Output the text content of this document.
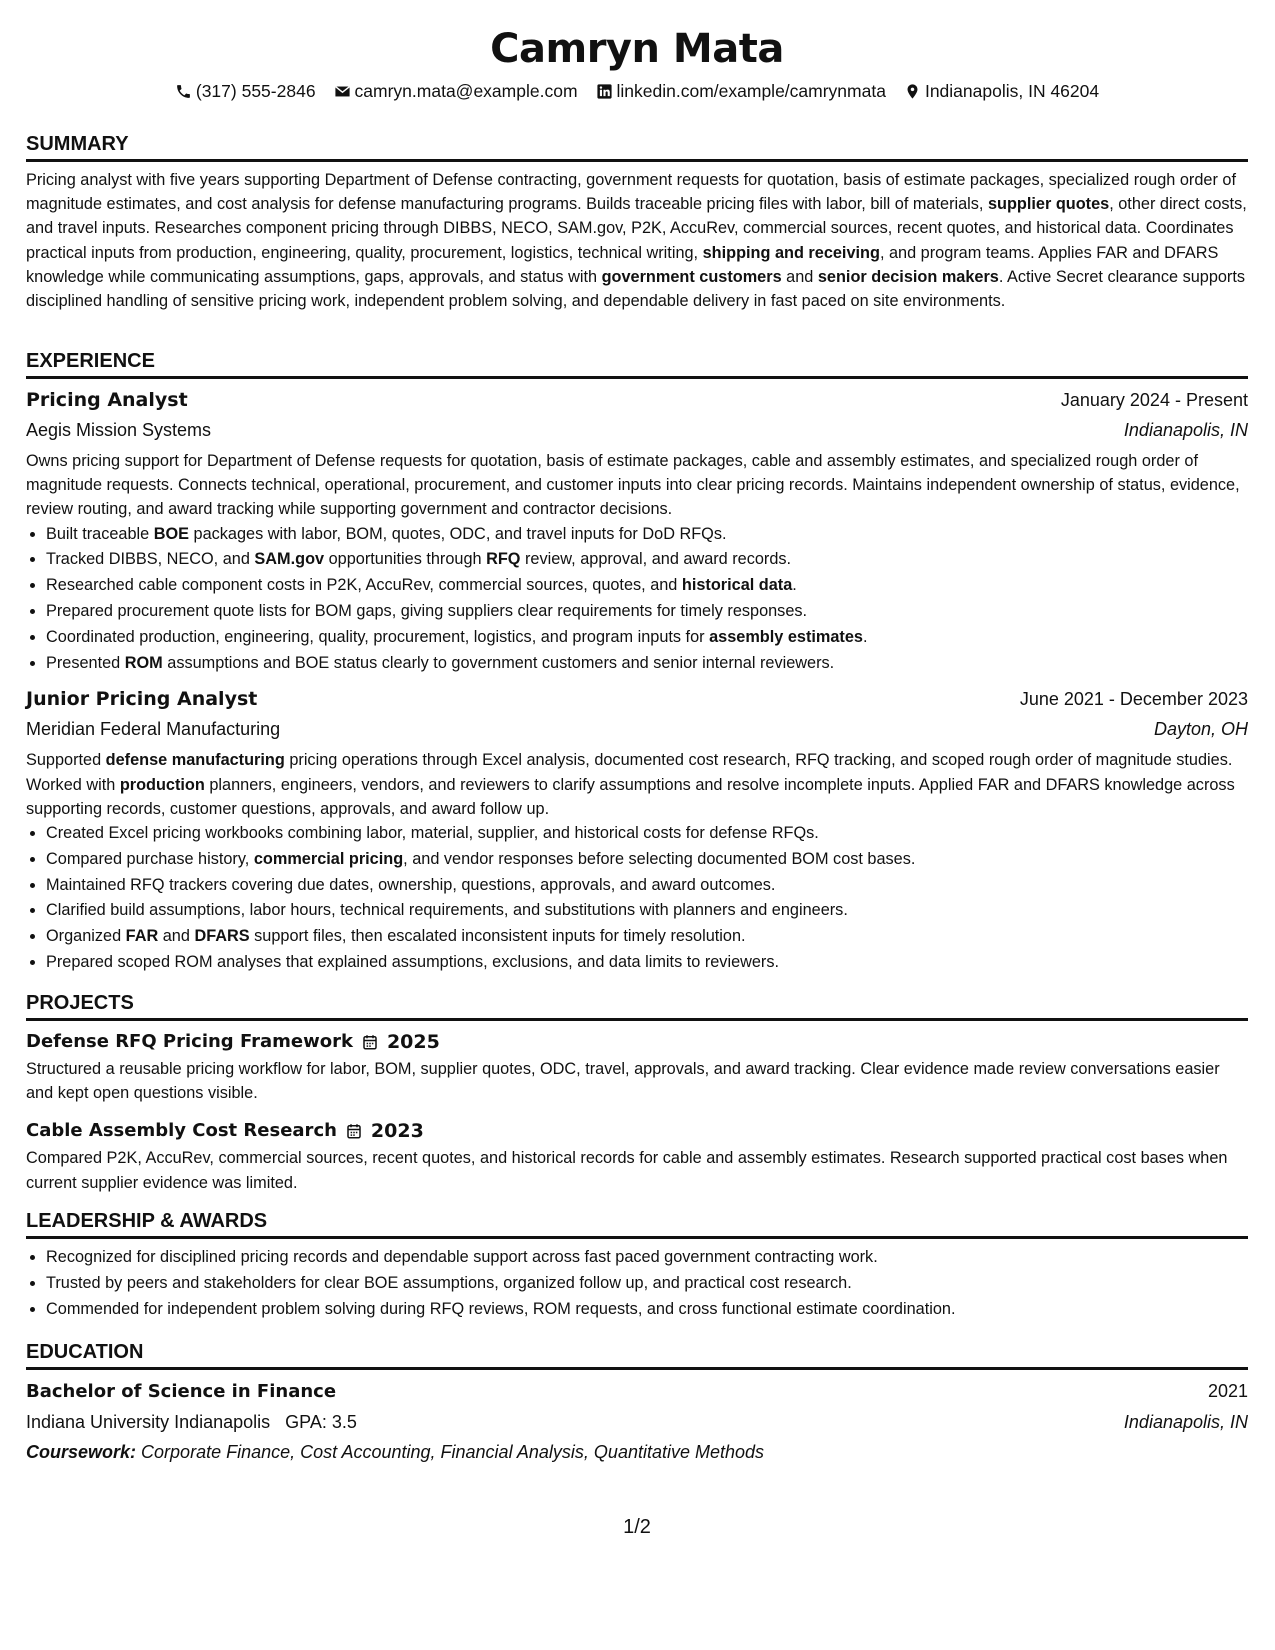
Camryn Mata
(317) 555-2846 camryn.mata@example.com linkedin.com/example/camrynmata Indianapolis, IN 46204
SUMMARY

Pricing analyst with five years supporting Department of Defense contracting, government requests for quotation, basis of estimate packages, specialized rough order of magnitude estimates, and cost analysis for defense manufacturing programs. Builds traceable pricing files with labor, bill of materials, supplier quotes, other direct costs, and travel inputs. Researches component pricing through DIBBS, NECO, SAM.gov, P2K, AccuRev, commercial sources, recent quotes, and historical data. Coordinates practical inputs from production, engineering, quality, procurement, logistics, technical writing, shipping and receiving, and program teams. Applies FAR and DFARS knowledge while communicating assumptions, gaps, approvals, and status with government customers and senior decision makers. Active Secret clearance supports disciplined handling of sensitive pricing work, independent problem solving, and dependable delivery in fast paced on site environments.

EXPERIENCE
Pricing Analyst	January 2024 - Present
Aegis Mission Systems	Indianapolis, IN

Owns pricing support for Department of Defense requests for quotation, basis of estimate packages, cable and assembly estimates, and specialized rough order of magnitude requests. Connects technical, operational, procurement, and customer inputs into clear pricing records. Maintains independent ownership of status, evidence, review routing, and award tracking while supporting government and contractor decisions.

• Built traceable BOE packages with labor, BOM, quotes, ODC, and travel inputs for DoD RFQs.
• Tracked DIBBS, NECO, and SAM.gov opportunities through RFQ review, approval, and award records.
• Researched cable component costs in P2K, AccuRev, commercial sources, quotes, and historical data.
• Prepared procurement quote lists for BOM gaps, giving suppliers clear requirements for timely responses.
• Coordinated production, engineering, quality, procurement, logistics, and program inputs for assembly estimates.
• Presented ROM assumptions and BOE status clearly to government customers and senior internal reviewers.
Junior Pricing Analyst	June 2021 - December 2023
Meridian Federal Manufacturing	Dayton, OH

Supported defense manufacturing pricing operations through Excel analysis, documented cost research, RFQ tracking, and scoped rough order of magnitude studies. Worked with production planners, engineers, vendors, and reviewers to clarify assumptions and resolve incomplete inputs. Applied FAR and DFARS knowledge across supporting records, customer questions, approvals, and award follow up.

• Created Excel pricing workbooks combining labor, material, supplier, and historical costs for defense RFQs.
• Compared purchase history, commercial pricing, and vendor responses before selecting documented BOM cost bases.
• Maintained RFQ trackers covering due dates, ownership, questions, approvals, and award outcomes.
• Clarified build assumptions, labor hours, technical requirements, and substitutions with planners and engineers.
• Organized FAR and DFARS support files, then escalated inconsistent inputs for timely resolution.
• Prepared scoped ROM analyses that explained assumptions, exclusions, and data limits to reviewers.
PROJECTS
Defense RFQ Pricing Framework 2025

Structured a reusable pricing workflow for labor, BOM, supplier quotes, ODC, travel, approvals, and award tracking. Clear evidence made review conversations easier and kept open questions visible.

Cable Assembly Cost Research 2023

Compared P2K, AccuRev, commercial sources, recent quotes, and historical records for cable and assembly estimates. Research supported practical cost bases when current supplier evidence was limited.

LEADERSHIP & AWARDS
• Recognized for disciplined pricing records and dependable support across fast paced government contracting work.
• Trusted by peers and stakeholders for clear BOE assumptions, organized follow up, and practical cost research.
• Commended for independent problem solving during RFQ reviews, ROM requests, and cross functional estimate coordination.
EDUCATION
Bachelor of Science in Finance	2021
Indiana University Indianapolis GPA: 3.5	Indianapolis, IN
Coursework: Corporate Finance, Cost Accounting, Financial Analysis, Quantitative Methods
1/2
